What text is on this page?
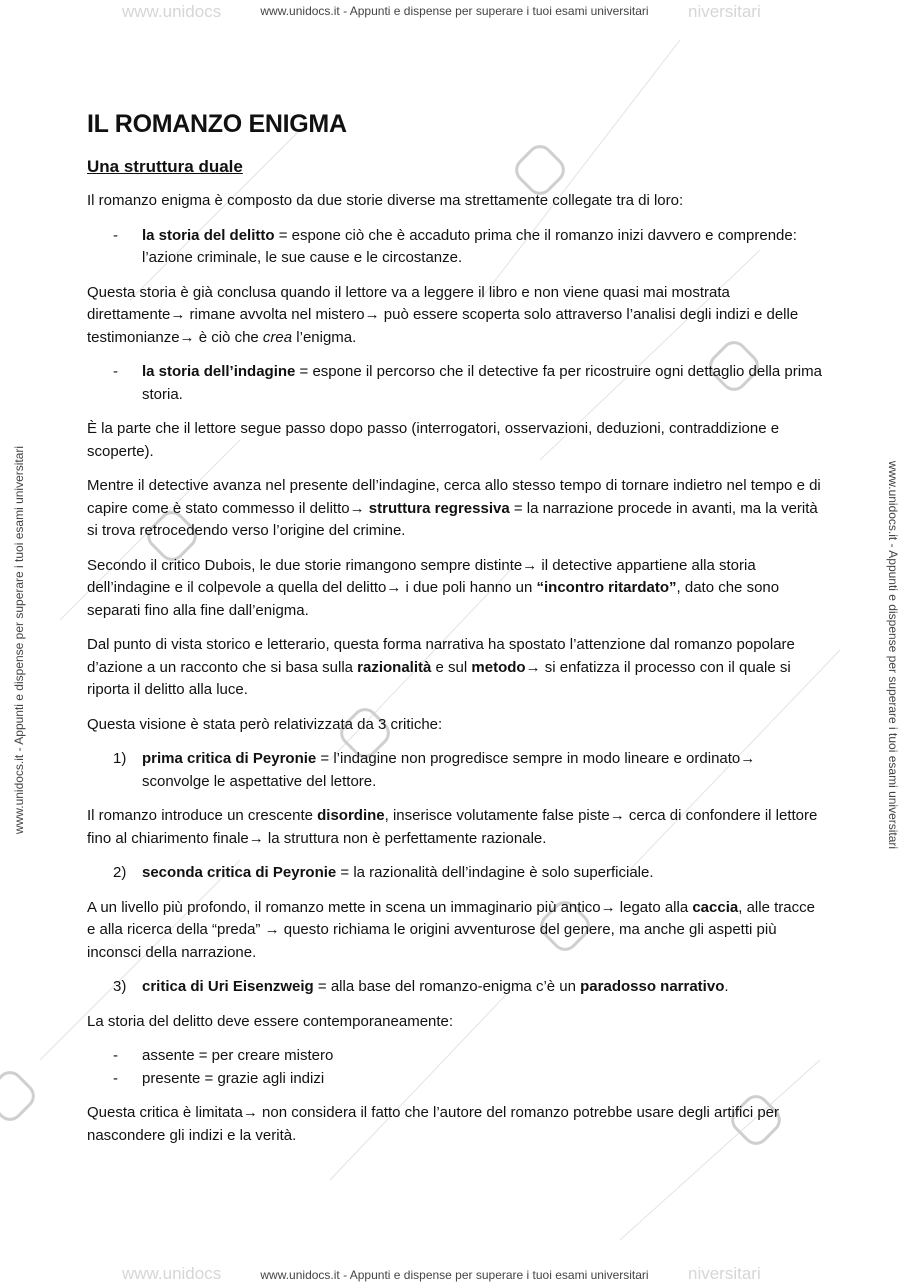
www.unidocs	niversitari
www.unidocs.it - Appunti e dispense per superare i tuoi esami universitari
www.unidocs	niversitari
www.unidocs.it - Appunti e dispense per superare i tuoi esami universitari
www.unidocs.it - Appunti e dispense per superare i tuoi esami universitari	www.unidocs.it - Appunti e dispense per superare i tuoi esami universitari
IL ROMANZO ENIGMA
Una struttura duale

Il romanzo enigma è composto da due storie diverse ma strettamente collegate tra di loro:

- la storia del delitto = espone ciò che è accaduto prima che il romanzo inizi davvero e comprende: l’azione criminale, le sue cause e le circostanze.

Questa storia è già conclusa quando il lettore va a leggere il libro e non viene quasi mai mostrata direttamente→ rimane avvolta nel mistero→ può essere scoperta solo attraverso l’analisi degli indizi e delle testimonianze→ è ciò che crea l’enigma.

- la storia dell’indagine = espone il percorso che il detective fa per ricostruire ogni dettaglio della prima storia.

È la parte che il lettore segue passo dopo passo (interrogatori, osservazioni, deduzioni, contraddizione e scoperte).

Mentre il detective avanza nel presente dell’indagine, cerca allo stesso tempo di tornare indietro nel tempo e di capire come è stato commesso il delitto→ struttura regressiva = la narrazione procede in avanti, ma la verità si trova retrocedendo verso l’origine del crimine.

Secondo il critico Dubois, le due storie rimangono sempre distinte→ il detective appartiene alla storia dell’indagine e il colpevole a quella del delitto→ i due poli hanno un “incontro ritardato”, dato che sono separati fino alla fine dall’enigma.

Dal punto di vista storico e letterario, questa forma narrativa ha spostato l’attenzione dal romanzo popolare d’azione a un racconto che si basa sulla razionalità e sul metodo→ si enfatizza il processo con il quale si riporta il delitto alla luce.

Questa visione è stata però relativizzata da 3 critiche:

1) prima critica di Peyronie = l’indagine non progredisce sempre in modo lineare e ordinato→ sconvolge le aspettative del lettore.

Il romanzo introduce un crescente disordine, inserisce volutamente false piste→ cerca di confondere il lettore fino al chiarimento finale→ la struttura non è perfettamente razionale.

2) seconda critica di Peyronie = la razionalità dell’indagine è solo superficiale.

A un livello più profondo, il romanzo mette in scena un immaginario più antico→ legato alla caccia, alle tracce e alla ricerca della “preda” → questo richiama le origini avventurose del genere, ma anche gli aspetti più inconsci della narrazione.

3) critica di Uri Eisenzweig = alla base del romanzo-enigma c’è un paradosso narrativo.

La storia del delitto deve essere contemporaneamente:

- assente = per creare mistero
- presente = grazie agli indizi

Questa critica è limitata→ non considera il fatto che l’autore del romanzo potrebbe usare degli artifici per nascondere gli indizi e la verità.
